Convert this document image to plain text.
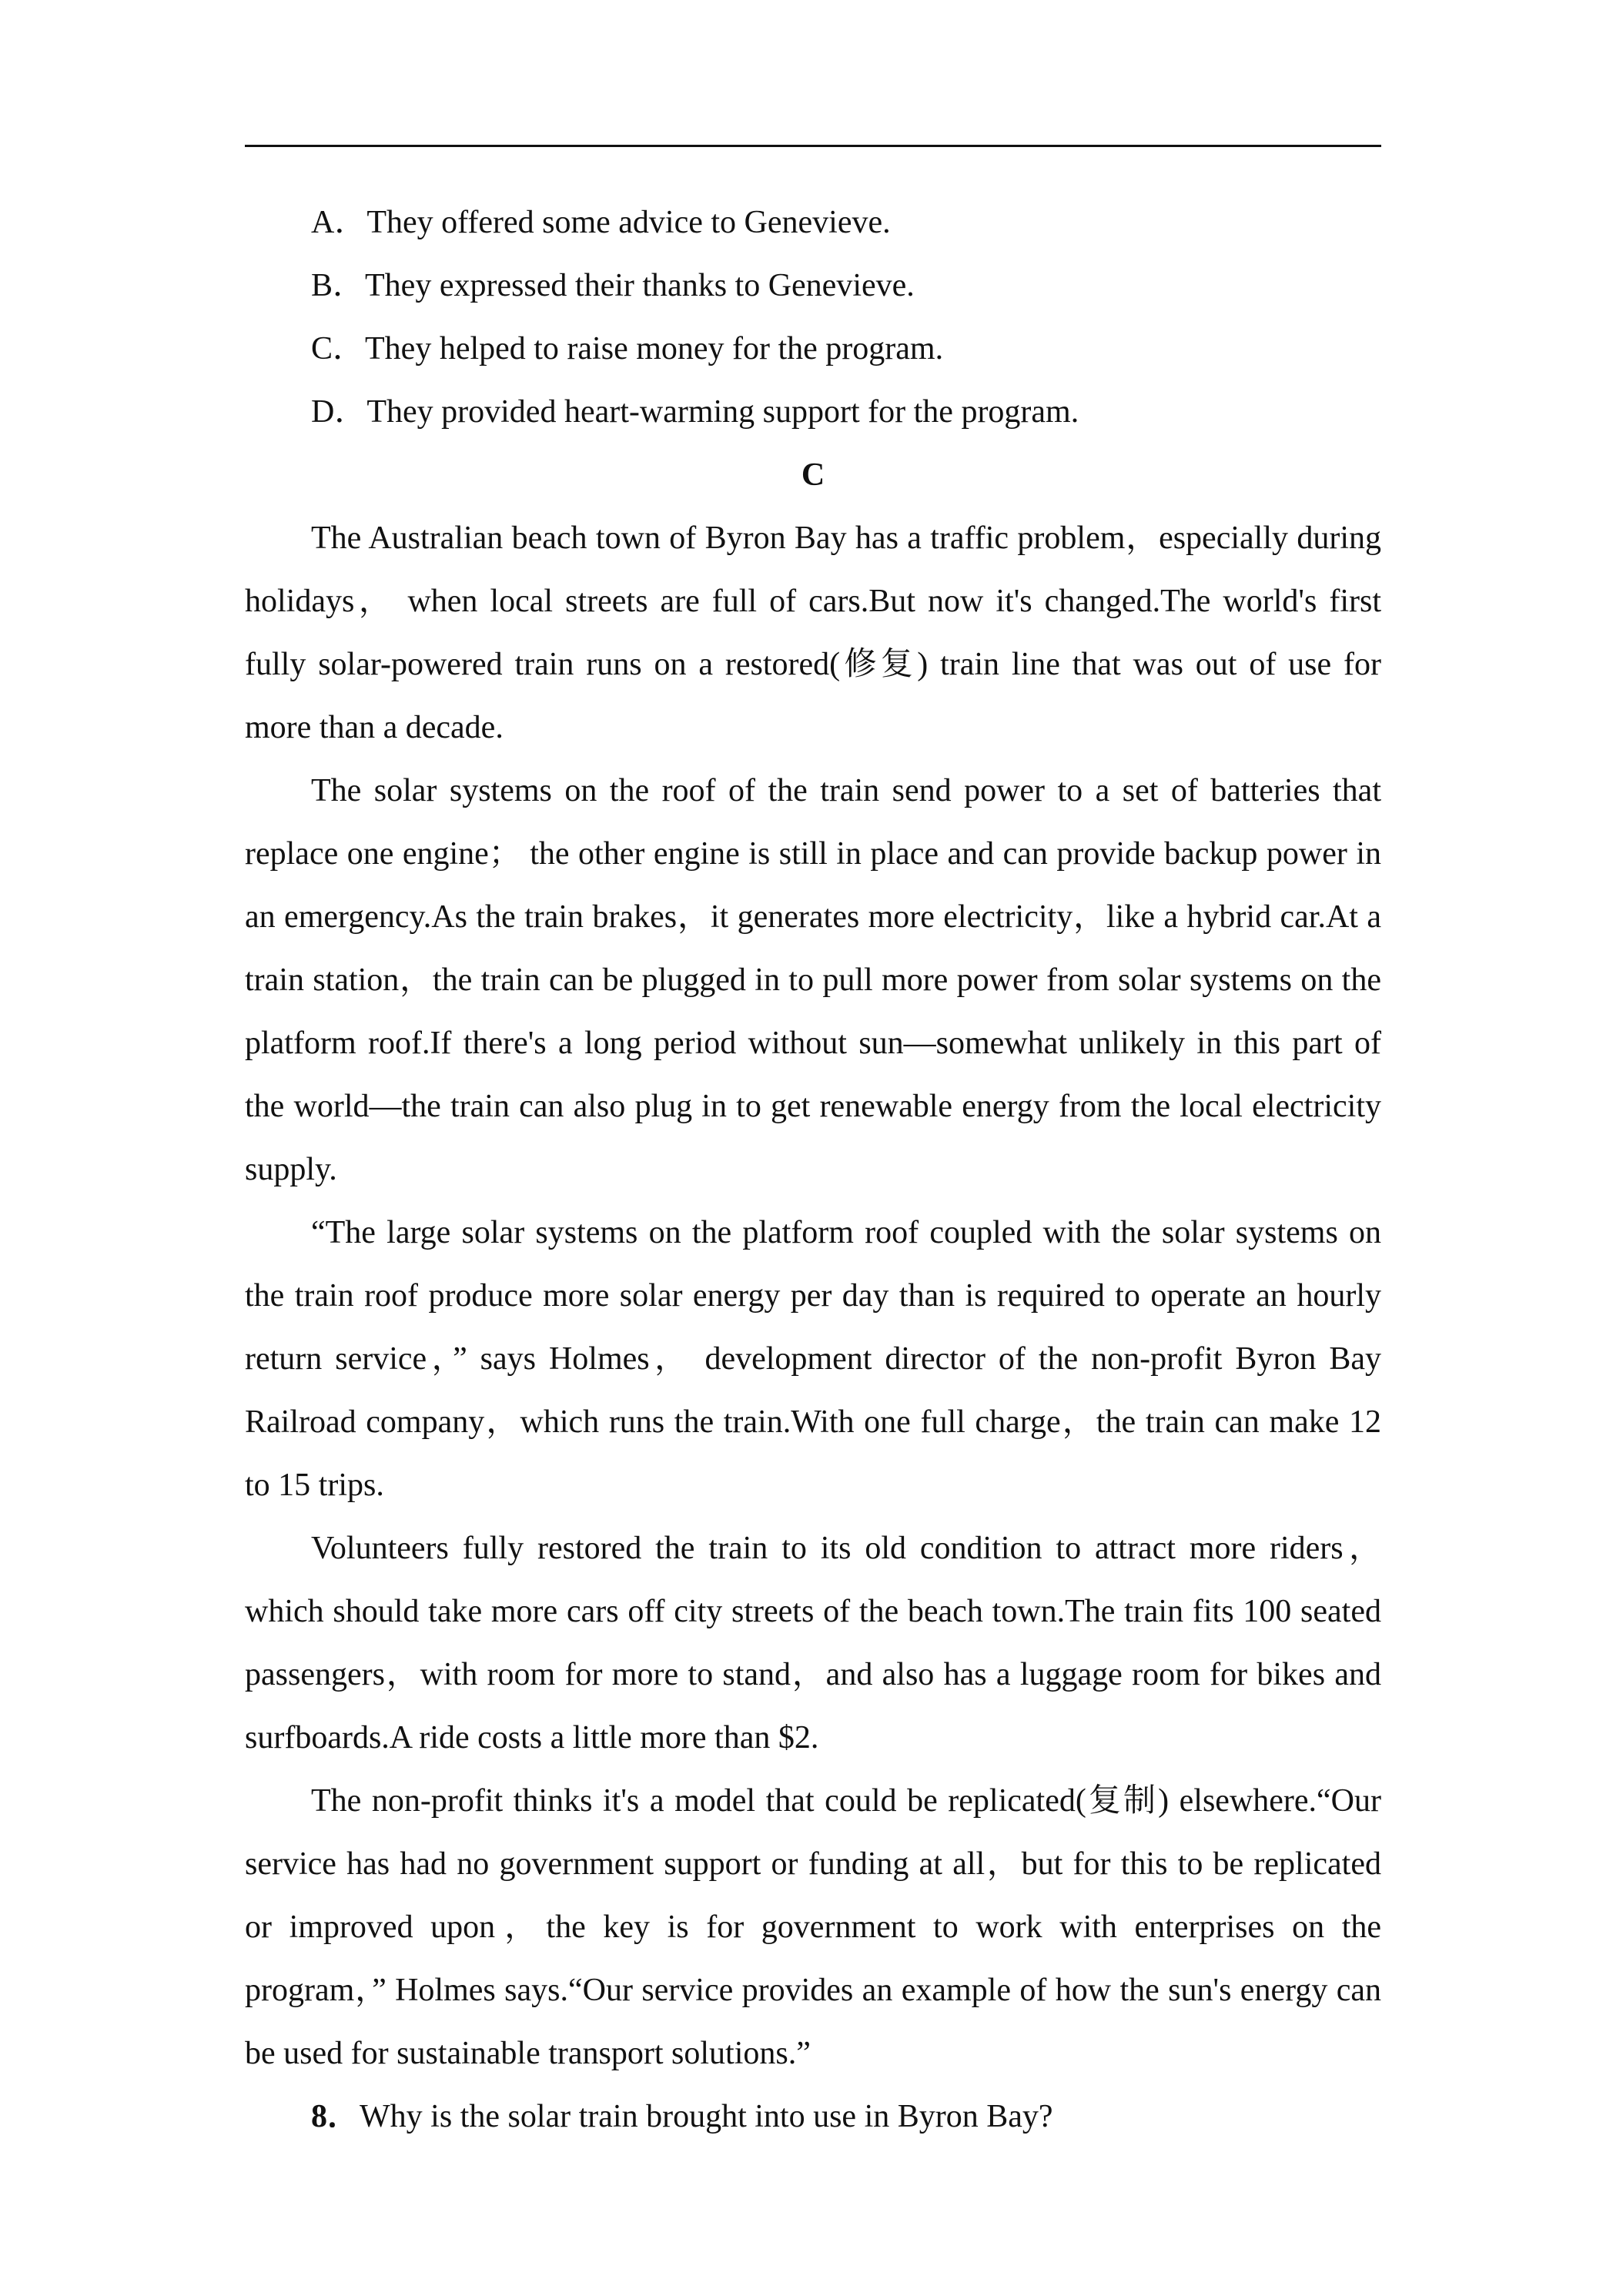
A．They offered some advice to Genevieve.

B．They expressed their thanks to Genevieve.

C．They helped to raise money for the program.

D．They provided heart-warming support for the program.

C

The Australian beach town of Byron Bay has a traffic problem，especially during holidays， when local streets are full of cars.But now it's changed.The world's first fully solar-powered train runs on a restored(修复) train line that was out of use for more than a decade.

The solar systems on the roof of the train send power to a set of batteries that replace one engine； the other engine is still in place and can provide backup power in an emergency.As the train brakes，it generates more electricity，like a hybrid car.At a train station，the train can be plugged in to pull more power from solar systems on the platform roof.If there's a long period without sun—somewhat unlikely in this part of the world—the train can also plug in to get renewable energy from the local electricity supply.

“The large solar systems on the platform roof coupled with the solar systems on the train roof produce more solar energy per day than is required to operate an hourly return service，” says Holmes， development director of the non-profit Byron Bay Railroad company，which runs the train.With one full charge，the train can make 12 to 15 trips.

Volunteers fully restored the train to its old condition to attract more riders，which should take more cars off city streets of the beach town.The train fits 100 seated passengers，with room for more to stand，and also has a luggage room for bikes and surfboards.A ride costs a little more than $2.

The non-profit thinks it's a model that could be replicated(复制) elsewhere.“Our service has had no government support or funding at all，but for this to be replicated or improved upon，the key is for government to work with enterprises on the program，” Holmes says.“Our service provides an example of how the sun's energy can be used for sustainable transport solutions.”

8．Why is the solar train brought into use in Byron Bay?
